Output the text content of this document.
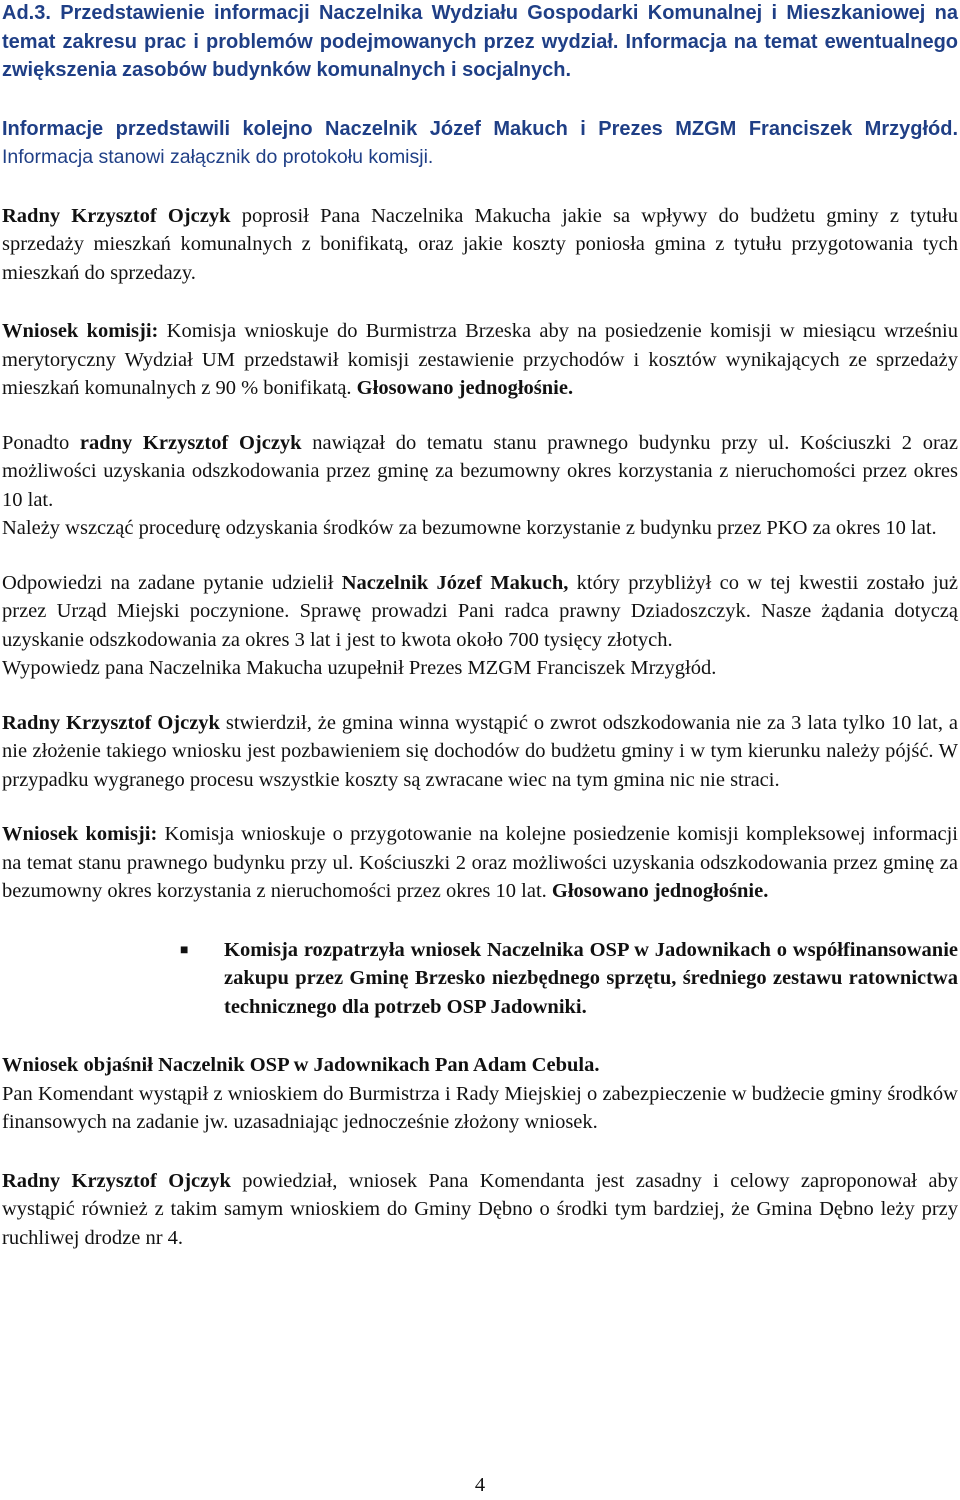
Ad.3. Przedstawienie informacji Naczelnika Wydziału Gospodarki Komunalnej i Mieszkaniowej na temat zakresu prac i problemów podejmowanych przez wydział. Informacja na temat ewentualnego zwiększenia zasobów budynków komunalnych i socjalnych.

Informacje przedstawili kolejno Naczelnik Józef Makuch i Prezes MZGM Franciszek Mrzygłód. Informacja stanowi załącznik do protokołu komisji.

Radny Krzysztof Ojczyk poprosił Pana Naczelnika Makucha jakie sa wpływy do budżetu gminy z tytułu sprzedaży mieszkań komunalnych z bonifikatą, oraz jakie koszty poniosła gmina z tytułu przygotowania tych mieszkań do sprzedazy.

Wniosek komisji: Komisja wnioskuje do Burmistrza Brzeska aby na posiedzenie komisji w miesiącu wrześniu merytoryczny Wydział UM przedstawił komisji zestawienie przychodów i kosztów wynikających ze sprzedaży mieszkań komunalnych z 90 % bonifikatą. Głosowano jednogłośnie.

Ponadto radny Krzysztof Ojczyk nawiązał do tematu stanu prawnego budynku przy ul. Kościuszki 2 oraz możliwości uzyskania odszkodowania przez gminę za bezumowny okres korzystania z nieruchomości przez okres 10 lat.

Należy wszcząć procedurę odzyskania środków za bezumowne korzystanie z budynku przez PKO za okres 10 lat.

Odpowiedzi na zadane pytanie udzielił Naczelnik Józef Makuch, który przybliżył co w tej kwestii zostało już przez Urząd Miejski poczynione. Sprawę prowadzi Pani radca prawny Dziadoszczyk. Nasze żądania dotyczą uzyskanie odszkodowania za okres 3 lat i jest to kwota około 700 tysięcy złotych.

Wypowiedz pana Naczelnika Makucha uzupełnił Prezes MZGM Franciszek Mrzygłód.

Radny Krzysztof Ojczyk stwierdził, że gmina winna wystąpić o zwrot odszkodowania nie za 3 lata tylko 10 lat, a nie złożenie takiego wniosku jest pozbawieniem się dochodów do budżetu gminy i w tym kierunku należy pójść. W przypadku wygranego procesu wszystkie koszty są zwracane wiec na tym gmina nic nie straci.

Wniosek komisji: Komisja wnioskuje o przygotowanie na kolejne posiedzenie komisji kompleksowej informacji na temat stanu prawnego budynku przy ul. Kościuszki 2 oraz możliwości uzyskania odszkodowania przez gminę za bezumowny okres korzystania z nieruchomości przez okres 10 lat. Głosowano jednogłośnie.

■	Komisja rozpatrzyła wniosek Naczelnika OSP w Jadownikach o współfinansowanie zakupu przez Gminę Brzesko niezbędnego sprzętu, średniego zestawu ratownictwa technicznego dla potrzeb OSP Jadowniki.

Wniosek objaśnił Naczelnik OSP w Jadownikach Pan Adam Cebula.

Pan Komendant wystąpił z wnioskiem do Burmistrza i Rady Miejskiej o zabezpieczenie w budżecie gminy środków finansowych na zadanie jw. uzasadniając jednocześnie złożony wniosek.

Radny Krzysztof Ojczyk powiedział, wniosek Pana Komendanta jest zasadny i celowy zaproponował aby wystąpić również z takim samym wnioskiem do Gminy Dębno o środki tym bardziej, że Gmina Dębno leży przy ruchliwej drodze nr 4.

4
